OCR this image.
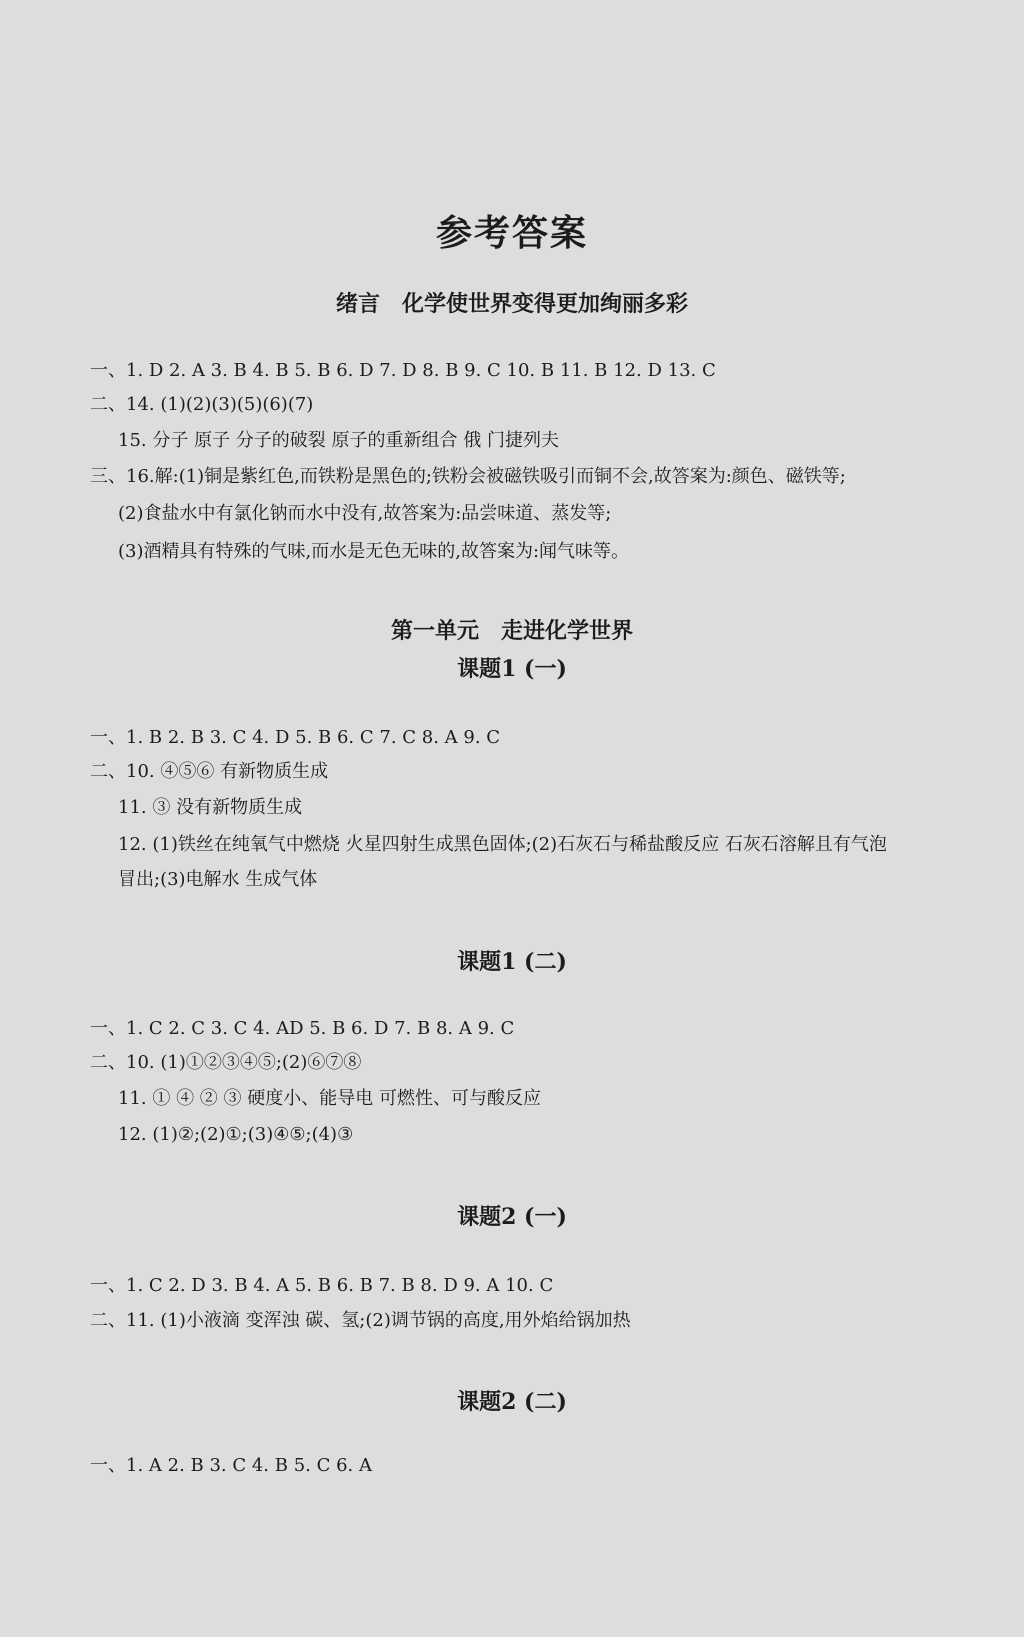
参考答案
绪言 化学使世界变得更加绚丽多彩
一、1. D 2. A 3. B 4. B 5. B 6. D 7. D 8. B 9. C 10. B 11. B 12. D 13. C
二、14. (1)(2)(3)(5)(6)(7)
15. 分子 原子 分子的破裂 原子的重新组合 俄 门捷列夫
三、16.解:(1)铜是紫红色,而铁粉是黑色的;铁粉会被磁铁吸引而铜不会,故答案为:颜色、磁铁等;
(2)食盐水中有氯化钠而水中没有,故答案为:品尝味道、蒸发等;
(3)酒精具有特殊的气味,而水是无色无味的,故答案为:闻气味等。
第一单元 走进化学世界
课题1 (一)
一、1. B 2. B 3. C 4. D 5. B 6. C 7. C 8. A 9. C
二、10. ④⑤⑥ 有新物质生成
11. ③ 没有新物质生成
12. (1)铁丝在纯氧气中燃烧 火星四射生成黑色固体;(2)石灰石与稀盐酸反应 石灰石溶解且有气泡
冒出;(3)电解水 生成气体
课题1 (二)
一、1. C 2. C 3. C 4. AD 5. B 6. D 7. B 8. A 9. C
二、10. (1)①②③④⑤;(2)⑥⑦⑧
11. ① ④ ② ③ 硬度小、能导电 可燃性、可与酸反应
12. (1)②;(2)①;(3)④⑤;(4)③
课题2 (一)
一、1. C 2. D 3. B 4. A 5. B 6. B 7. B 8. D 9. A 10. C
二、11. (1)小液滴 变浑浊 碳、氢;(2)调节锅的高度,用外焰给锅加热
课题2 (二)
一、1. A 2. B 3. C 4. B 5. C 6. A
